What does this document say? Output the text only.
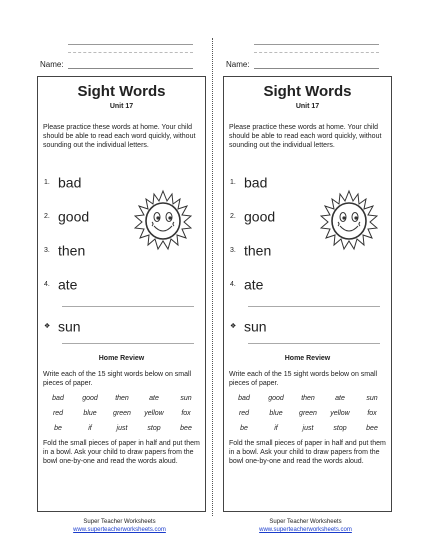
Name:
Sight Words
Unit 17
Please practice these words at home. Your child should be able to read each word quickly, without sounding out the individual letters.
1. bad
2. good
3. then
4. ate
❖ sun
Home Review
Write each of the 15 sight words below on small pieces of paper.
bad	good	then	ate	sun
red	blue	green	yellow	fox
be	if	just	stop	bee
Fold the small pieces of paper in half and put them in a bowl. Ask your child to draw papers from the bowl one-by-one and read the words aloud.
Super Teacher Worksheets
www.superteacherworksheets.com
Name:
Sight Words
Unit 17
Please practice these words at home. Your child should be able to read each word quickly, without sounding out the individual letters.
1. bad
2. good
3. then
4. ate
❖ sun
Home Review
Write each of the 15 sight words below on small pieces of paper.
bad	good	then	ate	sun
red	blue	green	yellow	fox
be	if	just	stop	bee
Fold the small pieces of paper in half and put them in a bowl. Ask your child to draw papers from the bowl one-by-one and read the words aloud.
Super Teacher Worksheets
www.superteacherworksheets.com
